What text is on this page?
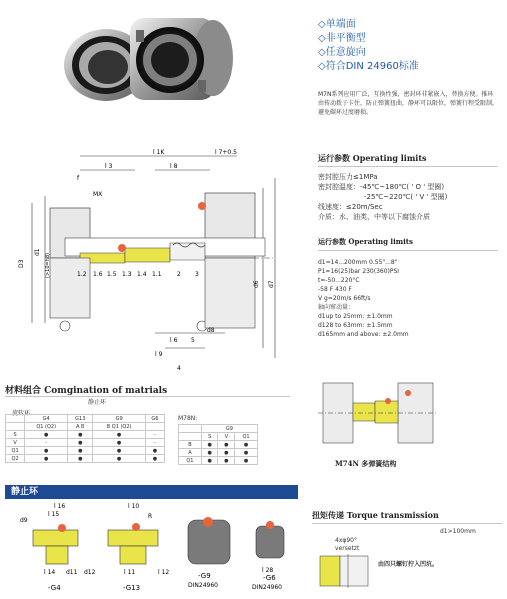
◇单端面
◇非平衡型
◇任意旋向
◇符合DIN 24960标准
M7N系列应用广泛，互换性强，密封环非紧嵌入，替换方便。推环由传动拨子卡住，防止弹簧扭曲，静环可以限位，弹簧行程受限制，避免碳环过度磨损。
运行参数 Operating limits
密封腔压力≤1MPa
密封腔温度：-45℃~180℃( ' O ' 型圈)
-25℃~220℃( ' V ' 型圈)
线速度：≤20m/Sec
介质：水、油类、中等以下腐蚀介质
运行参数 Operating limits
d1=14...200mm 0.55"...8"
P1=16(25)bar 230(360)PSI
t=-50...220°C
-58 F 430 F
V g=20m/s 66ft/s
轴向窜动量：
d1up to 25mm: ±1.0mm
d128 to 63mm: ±1.5mm
d165mm and above: ±2.0mm
l 1K	l 7+0.5
l 3	l 8
f
MX
1.2 1.6 1.5 1.3 1.4 1.1	2 3
D3
d1
(>10=h8)
d6 d7
l 9
l 6 5
4
d8
材料组合 Comgination of matrials
旋转环
静止环
	G4	G13	G9	G6
	Q1 (Q2)	A B	B Q1 (Q2)	
S	●	●	●	-
V	-	●	●	-
Q1	●	●	●	●
Q2	●	●	●	●
M78N:
	G9		
	S	V	Q1
B	●	●	●
A	●	●	●
Q1	●	●	●
静止环
l 16
l 15
d9
l 14 d11 d12
l 10
R
l 11	l 12	l 28
-G4	-G13
-G9
DIN24960
-G6
DIN24960
M74N 多弹簧结构
扭矩传递 Torque transmission
d1>100mm
4xφ90°
versetzt
由四只螺钉拧入凹坑。
